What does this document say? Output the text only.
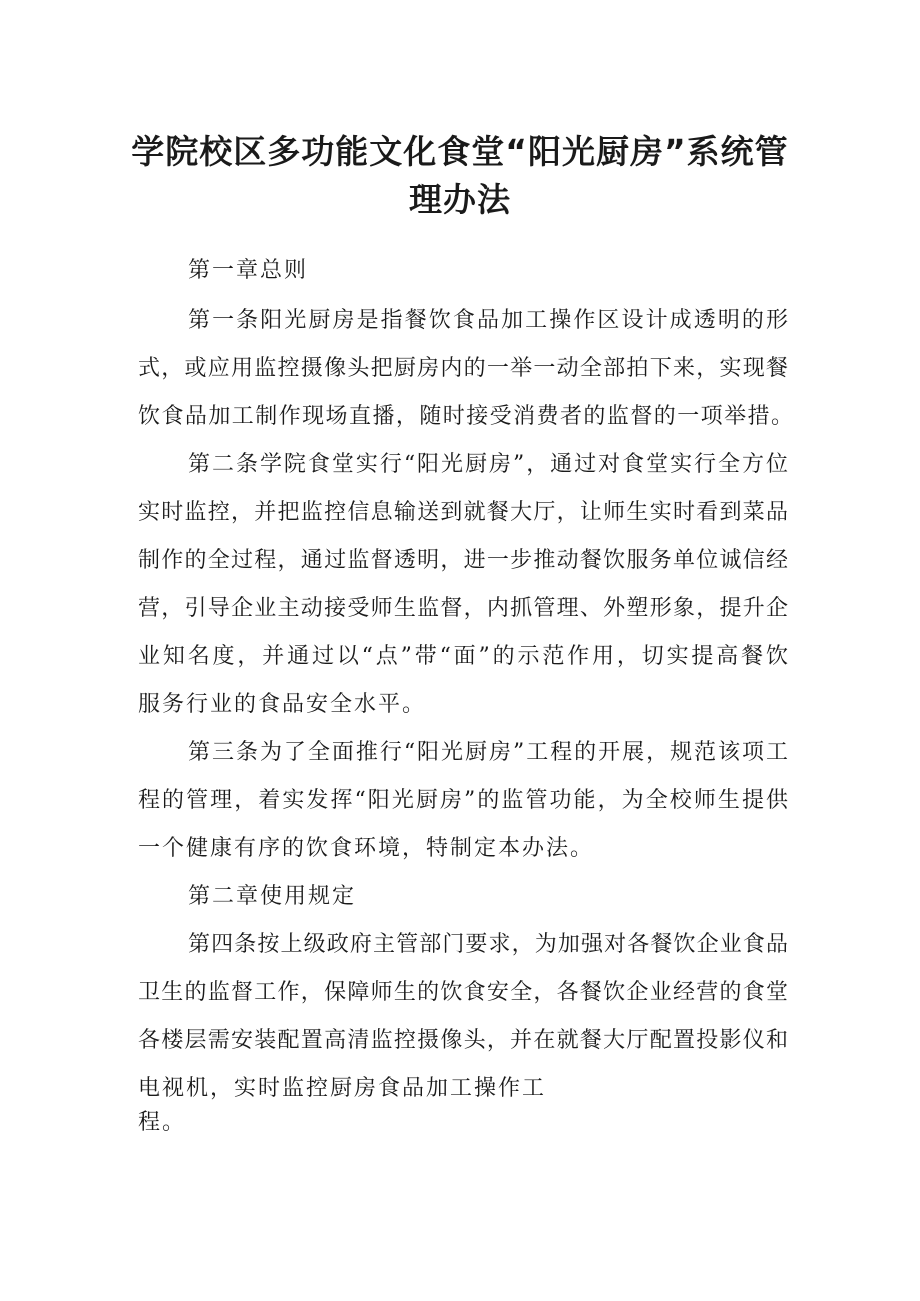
学院校区多功能文化食堂“阳光厨房”系统管
理办法
第一章总则
第一条阳光厨房是指餐饮食品加工操作区设计成透明的形
式，或应用监控摄像头把厨房内的一举一动全部拍下来，实现餐
饮食品加工制作现场直播，随时接受消费者的监督的一项举措。
第二条学院食堂实行“阳光厨房”，通过对食堂实行全方位
实时监控，并把监控信息输送到就餐大厅，让师生实时看到菜品
制作的全过程，通过监督透明，进一步推动餐饮服务单位诚信经
营，引导企业主动接受师生监督，内抓管理、外塑形象，提升企
业知名度，并通过以“点”带“面”的示范作用，切实提高餐饮
服务行业的食品安全水平。
第三条为了全面推行“阳光厨房”工程的开展，规范该项工
程的管理，着实发挥“阳光厨房”的监管功能，为全校师生提供
一个健康有序的饮食环境，特制定本办法。
第二章使用规定
第四条按上级政府主管部门要求，为加强对各餐饮企业食品
卫生的监督工作，保障师生的饮食安全，各餐饮企业经营的食堂
各楼层需安装配置高清监控摄像头，并在就餐大厅配置投影仪和
电视机，实时监控厨房食品加工操作工
程。
